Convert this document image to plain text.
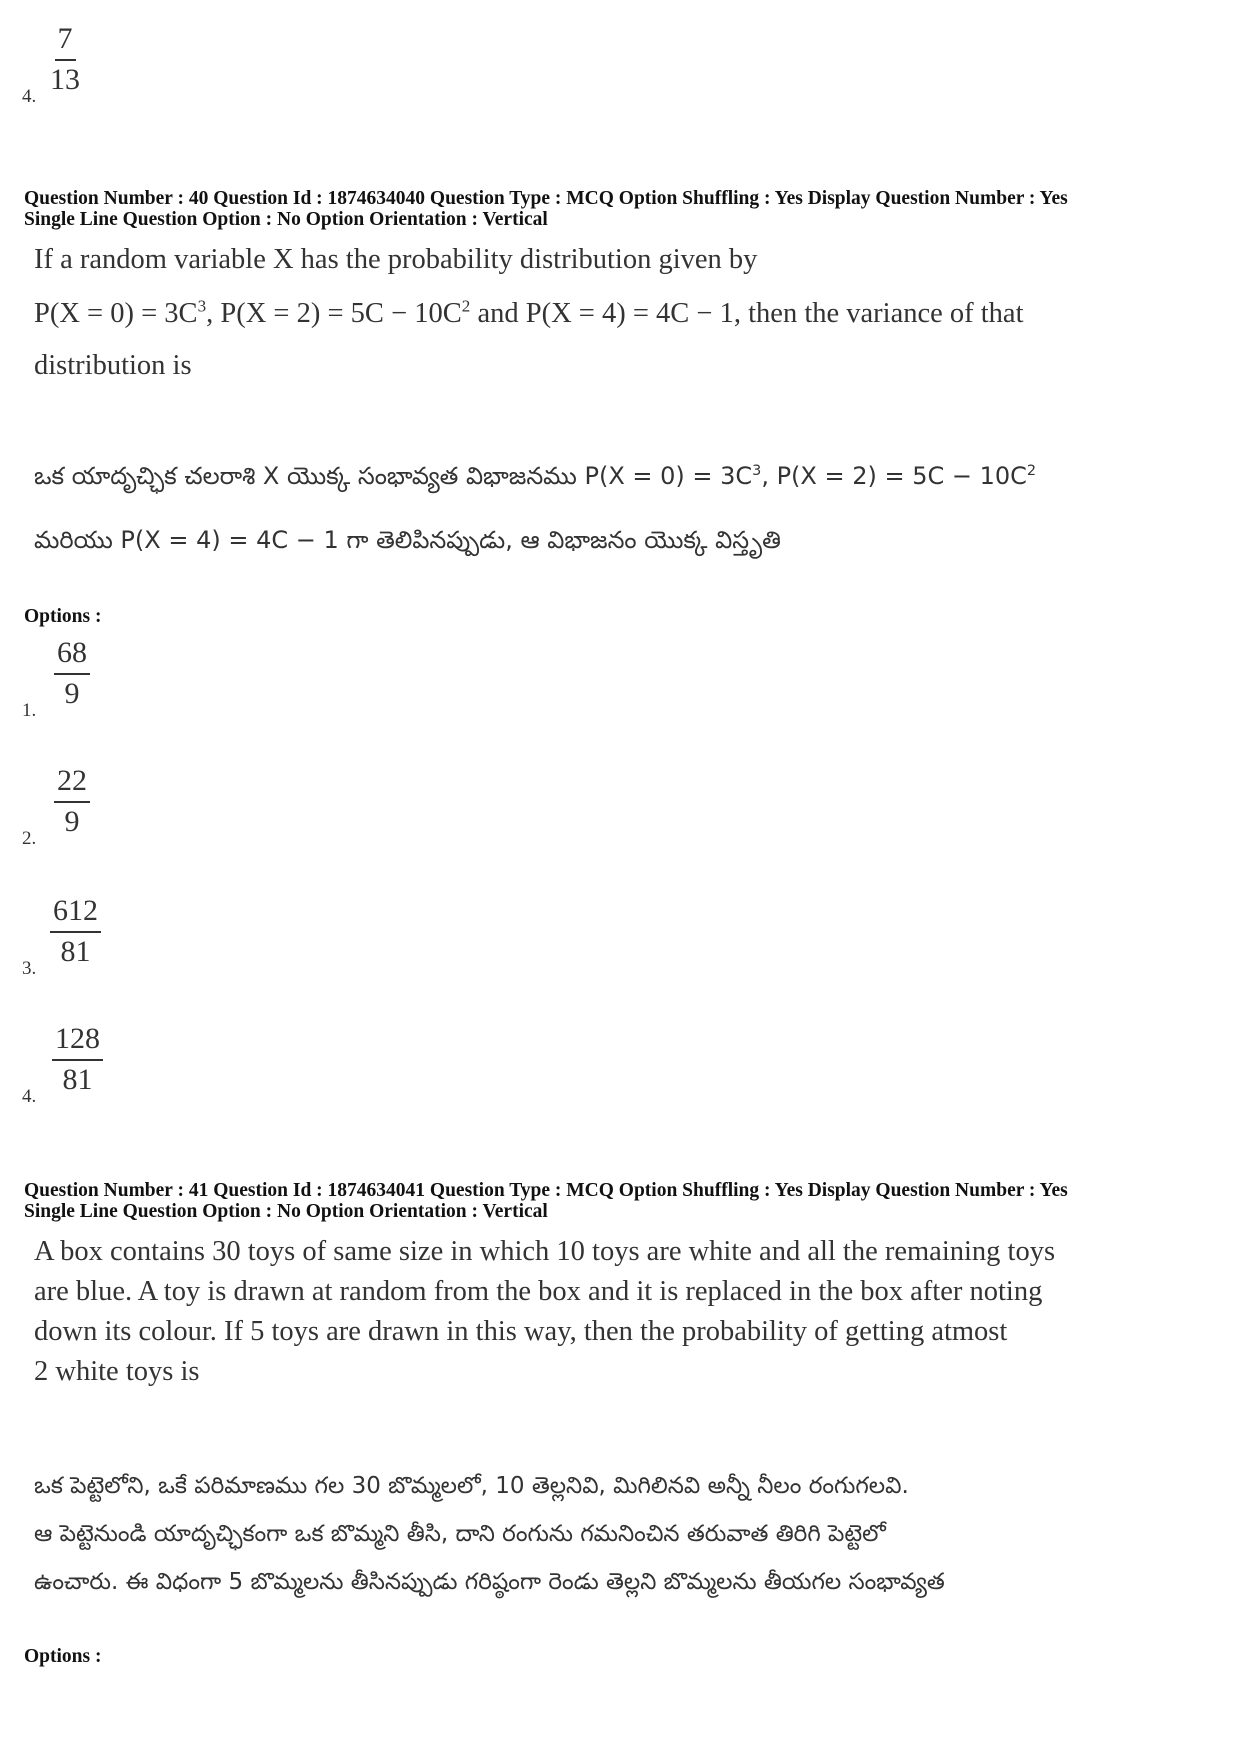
$\frac{7}{13}$
4.
Question Number : 40 Question Id : 1874634040 Question Type : MCQ Option Shuffling : Yes Display Question Number : Yes
Single Line Question Option : No Option Orientation : Vertical
If a random variable X has the probability distribution given by
$P(X = 0) = 3C^3$, $P(X = 2) = 5C - 10C^2$ and P(X = 4) = 4C − 1, then the variance of that
distribution is
ఒక యాదృచ్ఛిక చలరాశి X యొక్క సంభావ్యత విభాజనము $P(X = 0) = 3C^3$, $P(X = 2) = 5C - 10C^2$
మరియు P(X = 4) = 4C − 1 గా తెలిపినప్పుడు, ఆ విభాజనం యొక్క విస్తృతి
Options :
$\frac{68}{9}$
1.
$\frac{22}{9}$
2.
$\frac{612}{81}$
3.
$\frac{128}{81}$
4.
Question Number : 41 Question Id : 1874634041 Question Type : MCQ Option Shuffling : Yes Display Question Number : Yes
Single Line Question Option : No Option Orientation : Vertical
A box contains 30 toys of same size in which 10 toys are white and all the remaining toys
are blue. A toy is drawn at random from the box and it is replaced in the box after noting
down its colour. If 5 toys are drawn in this way, then the probability of getting atmost
2 white toys is
ఒక పెట్టెలోని, ఒకే పరిమాణము గల 30 బొమ్మలలో, 10 తెల్లనివి, మిగిలినవి అన్నీ నీలం రంగుగలవి.
ఆ పెట్టెనుండి యాదృచ్ఛికంగా ఒక బొమ్మని తీసి, దాని రంగును గమనించిన తరువాత తిరిగి పెట్టెలో
ఉంచారు. ఈ విధంగా 5 బొమ్మలను తీసినప్పుడు గరిష్ఠంగా రెండు తెల్లని బొమ్మలను తీయగల సంభావ్యత
Options :
